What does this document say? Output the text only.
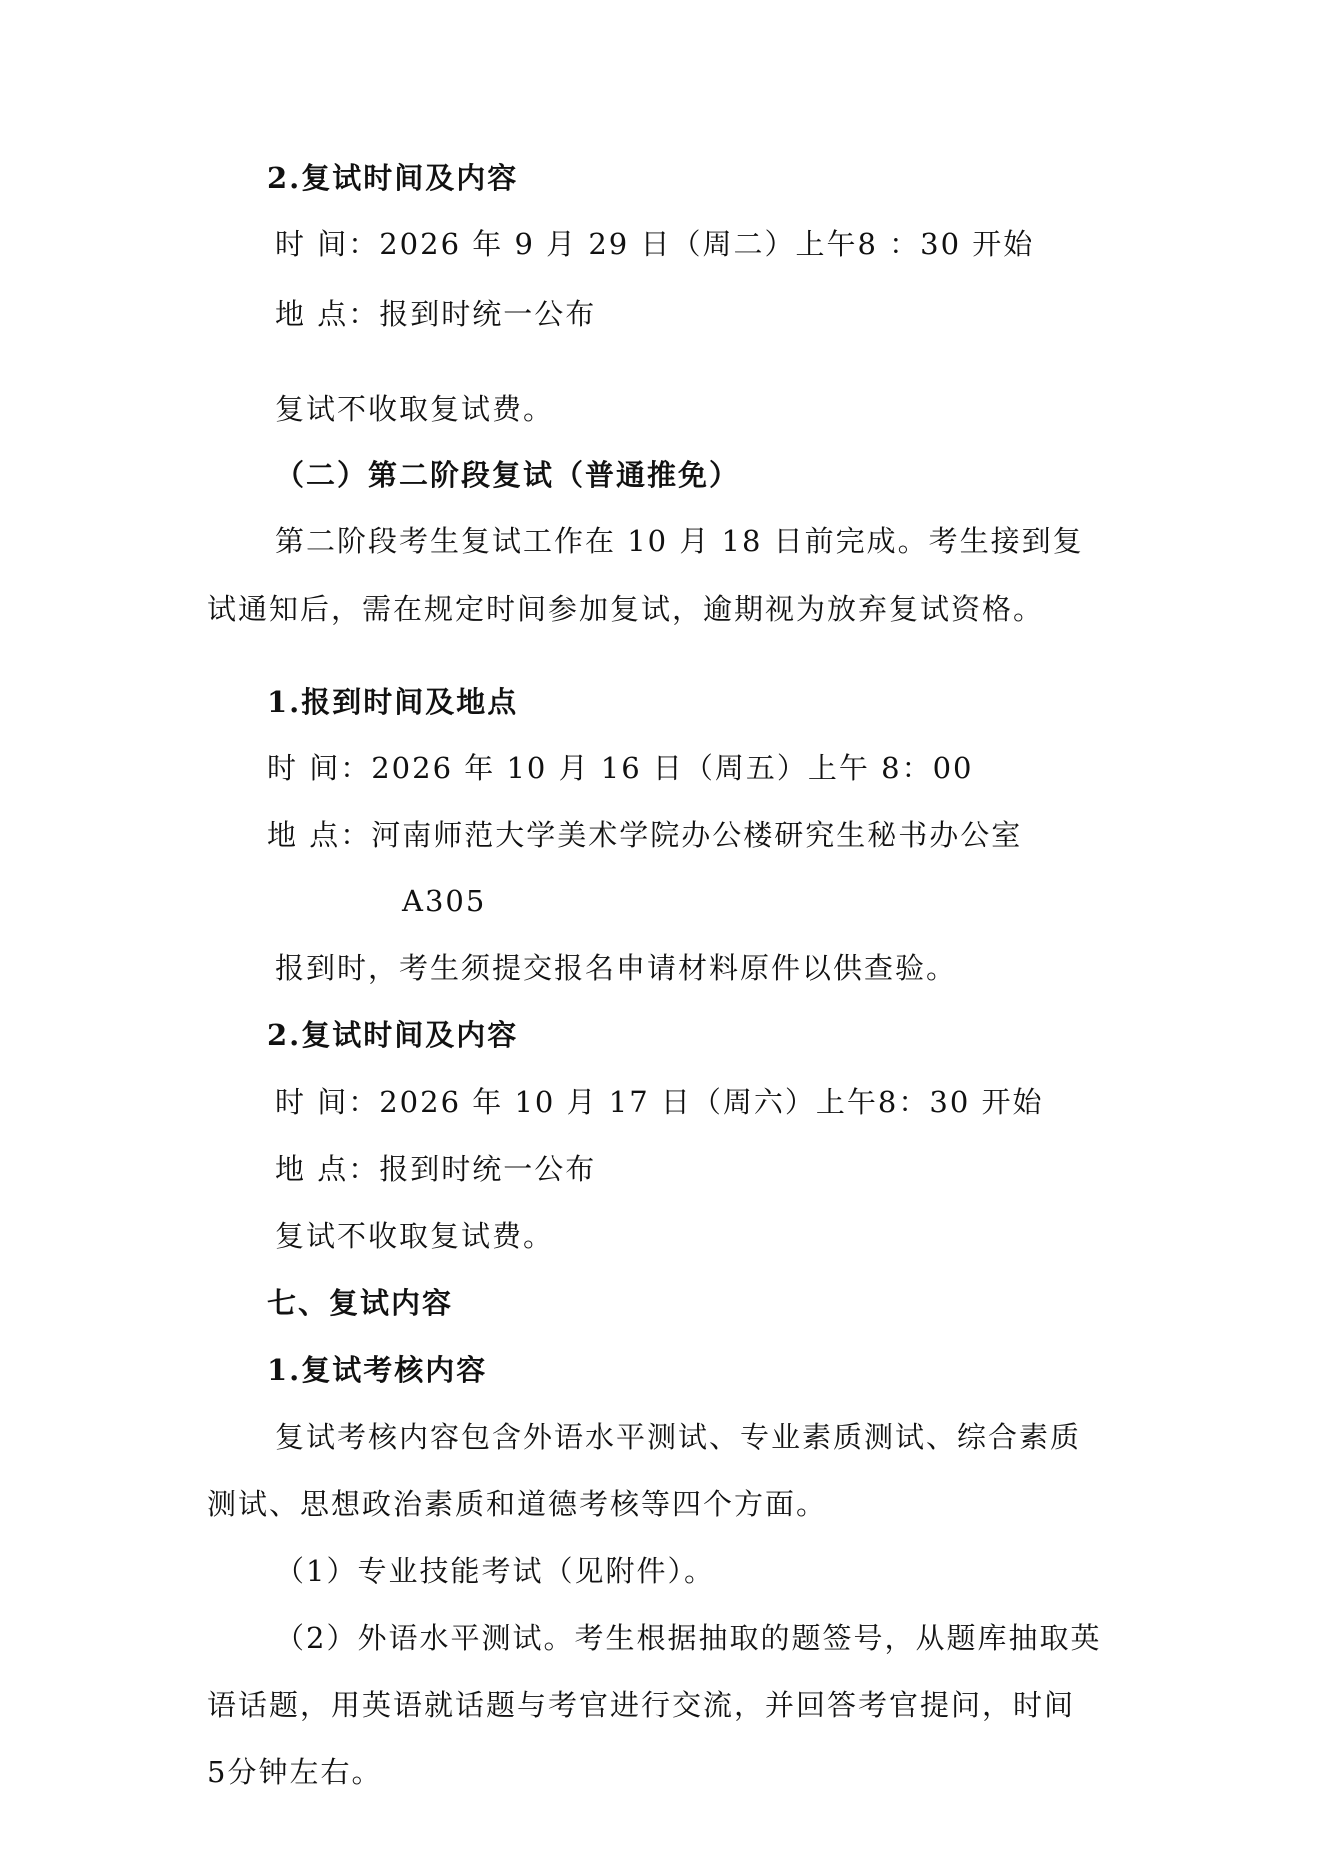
2.复试时间及内容
时 间：2026 年 9 月 29 日（周二）上午8 ：30 开始
地 点：报到时统一公布
复试不收取复试费。
（二）第二阶段复试（普通推免）
第二阶段考生复试工作在 10 月 18 日前完成。考生接到复
试通知后，需在规定时间参加复试，逾期视为放弃复试资格。
1.报到时间及地点
时 间：2026 年 10 月 16 日（周五）上午 8：00
地 点：河南师范大学美术学院办公楼研究生秘书办公室
A305
报到时，考生须提交报名申请材料原件以供查验。
2.复试时间及内容
时 间：2026 年 10 月 17 日（周六）上午8：30 开始
地 点：报到时统一公布
复试不收取复试费。
七、复试内容
1.复试考核内容
复试考核内容包含外语水平测试、专业素质测试、综合素质
测试、思想政治素质和道德考核等四个方面。
（1）专业技能考试（见附件）。
（2）外语水平测试。考生根据抽取的题签号，从题库抽取英
语话题，用英语就话题与考官进行交流，并回答考官提问，时间
5分钟左右。
